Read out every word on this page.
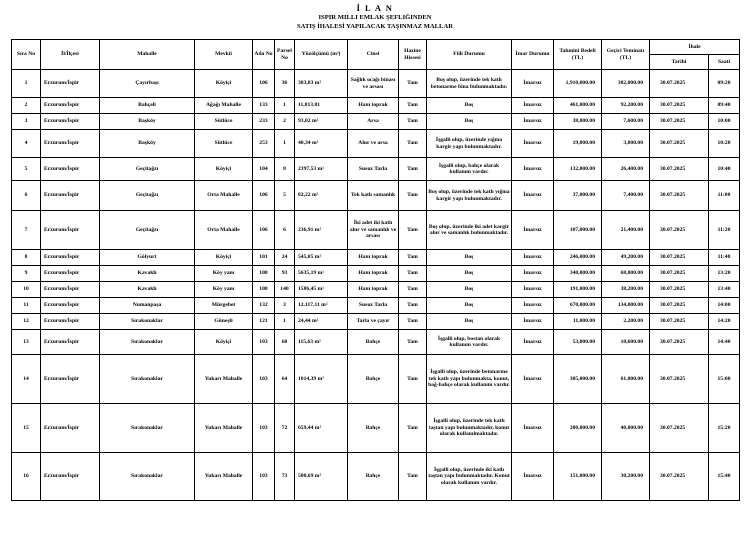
İ L A N
ISPIR MILLI EMLAK ŞEFLIĞINDEN
SATIŞ İHALESİ YAPILACAK TAŞINMAZ MALLAR
Sıra No	İl/İlçesi	Mahalle	Mevkii	Ada No	Parsel No	Yüzölçümü (m²)	Cinsi	Hazine Hissesi	Fiili Durumu	İmar Durumu	Tahmini Bedeli (TL)	Geçici Teminatı (TL)	İhale	
													Tarihi	Saati
1	Erzurum/İspir	Çayırbaşı	Köyiçi	106	36	383,83 m²	Sağlık ocağı binası ve arsası	Tam	Boş olup, üzerinde tek katlı betonarme bina bulunmaktadır.	İmarsız	1,910,000.00	382,000.00	30.07.2025	09:20
2	Erzurum/İspir	Bahçeli	Ağağı Mahalle	133	1	11,813.81	Ham toprak	Tam	Boş	İmarsız	461,000.00	92,200.00	30.07.2025	09:40
3	Erzurum/İspir	Başköy	Sütlüce	233	2	93,02 m²	Arsa	Tam	Boş	İmarsız	38,000.00	7,600.00	30.07.2025	10:00
4	Erzurum/İspir	Başköy	Sütlüce	253	1	40,34 m²	Ahır ve arsa	Tam	İşgalli olup, üzerinde yığma kargir yapı bulunmaktadır.	İmarsız	19,000.00	3,800.00	30.07.2025	10:20
5	Erzurum/İspir	Geçitağzı	Köyiçi	104	8	2397,53 m²	Susuz Tarla	Tam	İşgalli olup, bahçe olarak kullanım vardır.	İmarsız	132,000.00	26,400.00	30.07.2025	10:40
6	Erzurum/İspir	Geçitağzı	Orta Mahalle	106	5	82,22 m²	Tek katlı samanlık	Tam	Boş olup, üzerinde tek katlı yığma kargir yapı bulunmaktadır.	İmarsız	37,000.00	7,400.00	30.07.2025	11:00
7	Erzurum/İspir	Geçitağzı	Orta Mahalle	106	6	236,91 m²	İki adet iki katlı ahır ve samanlık ve arsası	Tam	Boş olup, üzerinde iki adet kargir ahır ve samanlık bulunmaktadır.	İmarsız	107,000.00	21,400.00	30.07.2025	11:20
8	Erzurum/İspir	Gölyurt	Köyiçi	101	24	545,05 m²	Ham toprak	Tam	Boş	İmarsız	246,000.00	49,200.00	30.07.2025	11:40
9	Erzurum/İspir	Kavakh	Köy yanı	108	93	5635,19 m²	Ham toprak	Tam	Boş	İmarsız	340,000.00	68,000.00	30.07.2025	13:20
10	Erzurum/İspir	Kavakh	Köy yanı	108	140	1586,45 m²	Ham toprak	Tam	Boş	İmarsız	191,000.00	38,200.00	30.07.2025	13:40
11	Erzurum/İspir	Numanpaşa	Mürgebet	132	3	12.117,11 m²	Susuz Tarla	Tam	Boş	İmarsız	670,000.00	134,000.00	30.07.2025	14:00
12	Erzurum/İspir	Sırakonaklar	Güneşli	121	1	24,44 m²	Tarla ve çayır	Tam	Boş	İmarsız	11,000.00	2,200.00	30.07.2025	14:20
13	Erzurum/İspir	Sırakonaklar	Köyiçi	103	68	115,63 m²	Bahçe	Tam	İşgalli olup, bostan olarak kullanım vardır.	İmarsız	53,000.00	10,600.00	30.07.2025	14:40
14	Erzurum/İspir	Sırakonaklar	Yukarı Mahalle	103	64	1014,39 m²	Bahçe	Tam	İşgalli olup, üzerinde betonarme tek katlı yapı bulunmakta, konut, bağ-bahçe olarak kullanım vardır.	İmarsız	305,000.00	61,000.00	30.07.2025	15:00
15	Erzurum/İspir	Sırakonaklar	Yukarı Mahalle	103	72	659,44 m²	Bahçe	Tam	İşgalli olup, üzerinde tek katlı taştan yapı bulunmaktadır, konut olarak kullanılmaktadır.	İmarsız	200,000.00	40,000.00	30.07.2025	15:20
16	Erzurum/İspir	Sırakonaklar	Yukarı Mahalle	103	73	500,69 m²	Bahçe	Tam	İşgalli olup, üzerinde iki katlı taştan yapı bulunmaktadır. Konut olarak kullanım vardır.	İmarsız	151,000.00	30,200.00	30.07.2025	15:40
